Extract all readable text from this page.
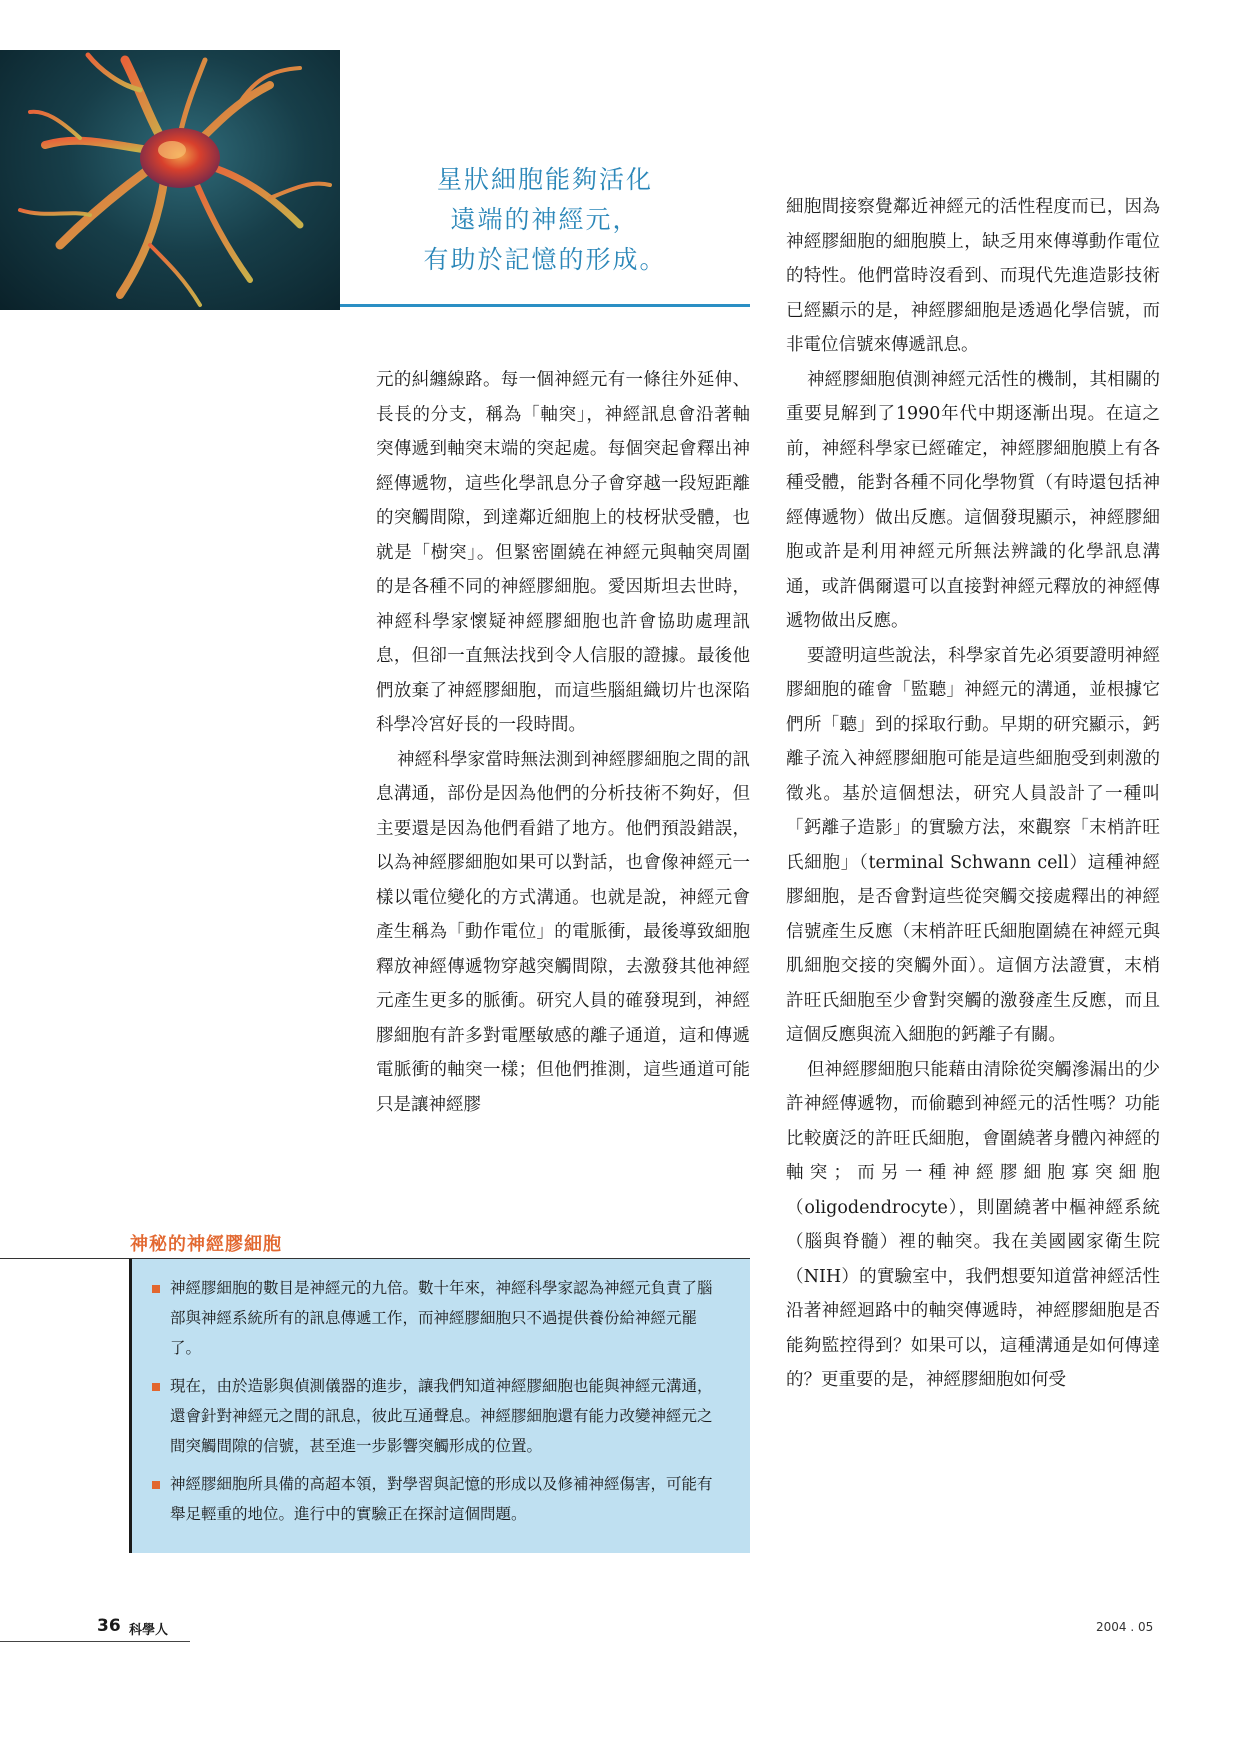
星狀細胞能夠活化
遠端的神經元，
有助於記憶的形成。

元的糾纏線路。每一個神經元有一條往外延伸、長長的分支，稱為「軸突」，神經訊息會沿著軸突傳遞到軸突末端的突起處。每個突起會釋出神經傳遞物，這些化學訊息分子會穿越一段短距離的突觸間隙，到達鄰近細胞上的枝枒狀受體，也就是「樹突」。但緊密圍繞在神經元與軸突周圍的是各種不同的神經膠細胞。愛因斯坦去世時，神經科學家懷疑神經膠細胞也許會協助處理訊息，但卻一直無法找到令人信服的證據。最後他們放棄了神經膠細胞，而這些腦組織切片也深陷科學冷宮好長的一段時間。

神經科學家當時無法測到神經膠細胞之間的訊息溝通，部份是因為他們的分析技術不夠好，但主要還是因為他們看錯了地方。他們預設錯誤，以為神經膠細胞如果可以對話，也會像神經元一樣以電位變化的方式溝通。也就是說，神經元會產生稱為「動作電位」的電脈衝，最後導致細胞釋放神經傳遞物穿越突觸間隙，去激發其他神經元產生更多的脈衝。研究人員的確發現到，神經膠細胞有許多對電壓敏感的離子通道，這和傳遞電脈衝的軸突一樣；但他們推測，這些通道可能只是讓神經膠

細胞間接察覺鄰近神經元的活性程度而已，因為神經膠細胞的細胞膜上，缺乏用來傳導動作電位的特性。他們當時沒看到、而現代先進造影技術已經顯示的是，神經膠細胞是透過化學信號，而非電位信號來傳遞訊息。

神經膠細胞偵測神經元活性的機制，其相關的重要見解到了1990年代中期逐漸出現。在這之前，神經科學家已經確定，神經膠細胞膜上有各種受體，能對各種不同化學物質（有時還包括神經傳遞物）做出反應。這個發現顯示，神經膠細胞或許是利用神經元所無法辨識的化學訊息溝通，或許偶爾還可以直接對神經元釋放的神經傳遞物做出反應。

要證明這些說法，科學家首先必須要證明神經膠細胞的確會「監聽」神經元的溝通，並根據它們所「聽」到的採取行動。早期的研究顯示，鈣離子流入神經膠細胞可能是這些細胞受到刺激的徵兆。基於這個想法，研究人員設計了一種叫「鈣離子造影」的實驗方法，來觀察「末梢許旺氏細胞」（terminal Schwann cell）這種神經膠細胞，是否會對這些從突觸交接處釋出的神經信號產生反應（末梢許旺氏細胞圍繞在神經元與肌細胞交接的突觸外面）。這個方法證實，末梢許旺氏細胞至少會對突觸的激發產生反應，而且這個反應與流入細胞的鈣離子有關。

但神經膠細胞只能藉由清除從突觸滲漏出的少許神經傳遞物，而偷聽到神經元的活性嗎？功能比較廣泛的許旺氏細胞，會圍繞著身體內神經的軸突；而另一種神經膠細胞寡突細胞（oligodendrocyte），則圍繞著中樞神經系統（腦與脊髓）裡的軸突。我在美國國家衛生院（NIH）的實驗室中，我們想要知道當神經活性沿著神經迴路中的軸突傳遞時，神經膠細胞是否能夠監控得到？如果可以，這種溝通是如何傳達的？更重要的是，神經膠細胞如何受

神秘的神經膠細胞
神經膠細胞的數目是神經元的九倍。數十年來，神經科學家認為神經元負責了腦部與神經系統所有的訊息傳遞工作，而神經膠細胞只不過提供養份給神經元罷了。
現在，由於造影與偵測儀器的進步，讓我們知道神經膠細胞也能與神經元溝通，還會針對神經元之間的訊息，彼此互通聲息。神經膠細胞還有能力改變神經元之間突觸間隙的信號，甚至進一步影響突觸形成的位置。
神經膠細胞所具備的高超本領，對學習與記憶的形成以及修補神經傷害，可能有舉足輕重的地位。進行中的實驗正在探討這個問題。
36 科學人	2004 . 05
